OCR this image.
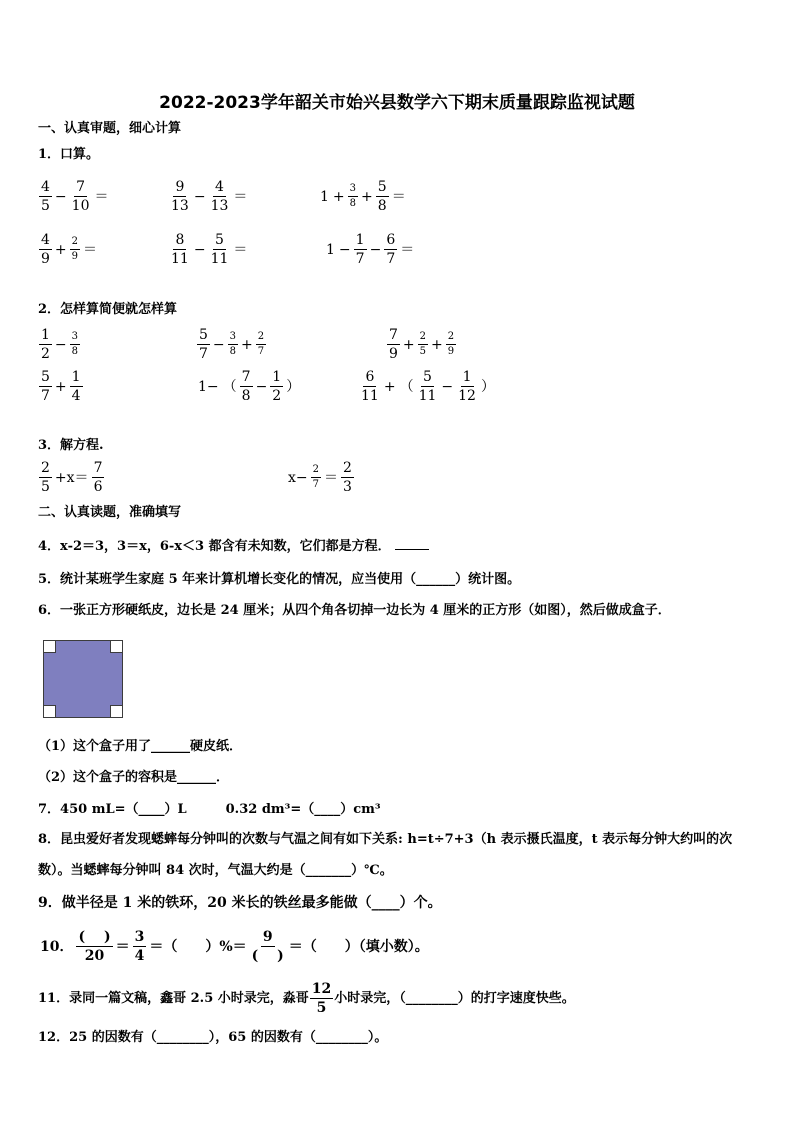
2022-2023学年韶关市始兴县数学六下期末质量跟踪监视试题
一、认真审题，细心计算
1．口算。
$\frac{4}{5} - \frac{7}{10}$ ＝	$\frac{9}{13} - \frac{4}{13}$ ＝	$1 + \frac{3}{8} + \frac{5}{8}$ ＝
$\frac{4}{9} + \frac{2}{9}$ ＝	$\frac{8}{11} - \frac{5}{11}$ ＝	$1 - \frac{1}{7} - \frac{6}{7}$ ＝
2．怎样算简便就怎样算
$\frac{1}{2} - \frac{3}{8}$	$\frac{5}{7} - \frac{3}{8} + \frac{2}{7}$	$\frac{7}{9} + \frac{2}{5} + \frac{2}{9}$
$\frac{5}{7} + \frac{1}{4}$	1− （ $\frac{7}{8} - \frac{1}{2}$ ）	$\frac{6}{11}$ + （ $\frac{5}{11} - \frac{1}{12}$ ）
3．解方程.
$\frac{2}{5} +x= \frac{7}{6}$	$x- \frac{2}{7} = \frac{2}{3}$
二、认真读题，准确填写
4．x-2＝3，3＝x，6-x＜3 都含有未知数，它们都是方程．
5．统计某班学生家庭 5 年来计算机增长变化的情况，应当使用（______）统计图。
6．一张正方形硬纸皮，边长是 24 厘米；从四个角各切掉一边长为 4 厘米的正方形（如图），然后做成盒子．
（1）这个盒子用了______硬皮纸．
（2）这个盒子的容积是______．
7．450 mL=（____）L　　　0.32 dm³=（____）cm³
8．昆虫爱好者发现蟋蟀每分钟叫的次数与气温之间有如下关系: h=t÷7+3（h 表示摄氏温度，t 表示每分钟大约叫的次
数）。当蟋蟀每分钟叫 84 次时，气温大约是（_______）℃。
9．做半径是 1 米的铁环，20 米长的铁丝最多能做（____）个。
10． $\frac{( )}{20} = \frac{3}{4}$ ＝（　　）%＝ $\frac{9}{( )}$ ＝（　　）（填小数）。
11．录同一篇文稿，鑫哥 2.5 小时录完，淼哥 $\frac{12}{5}$ 小时录完，（________）的打字速度快些。
12．25 的因数有（________），65 的因数有（________）。
